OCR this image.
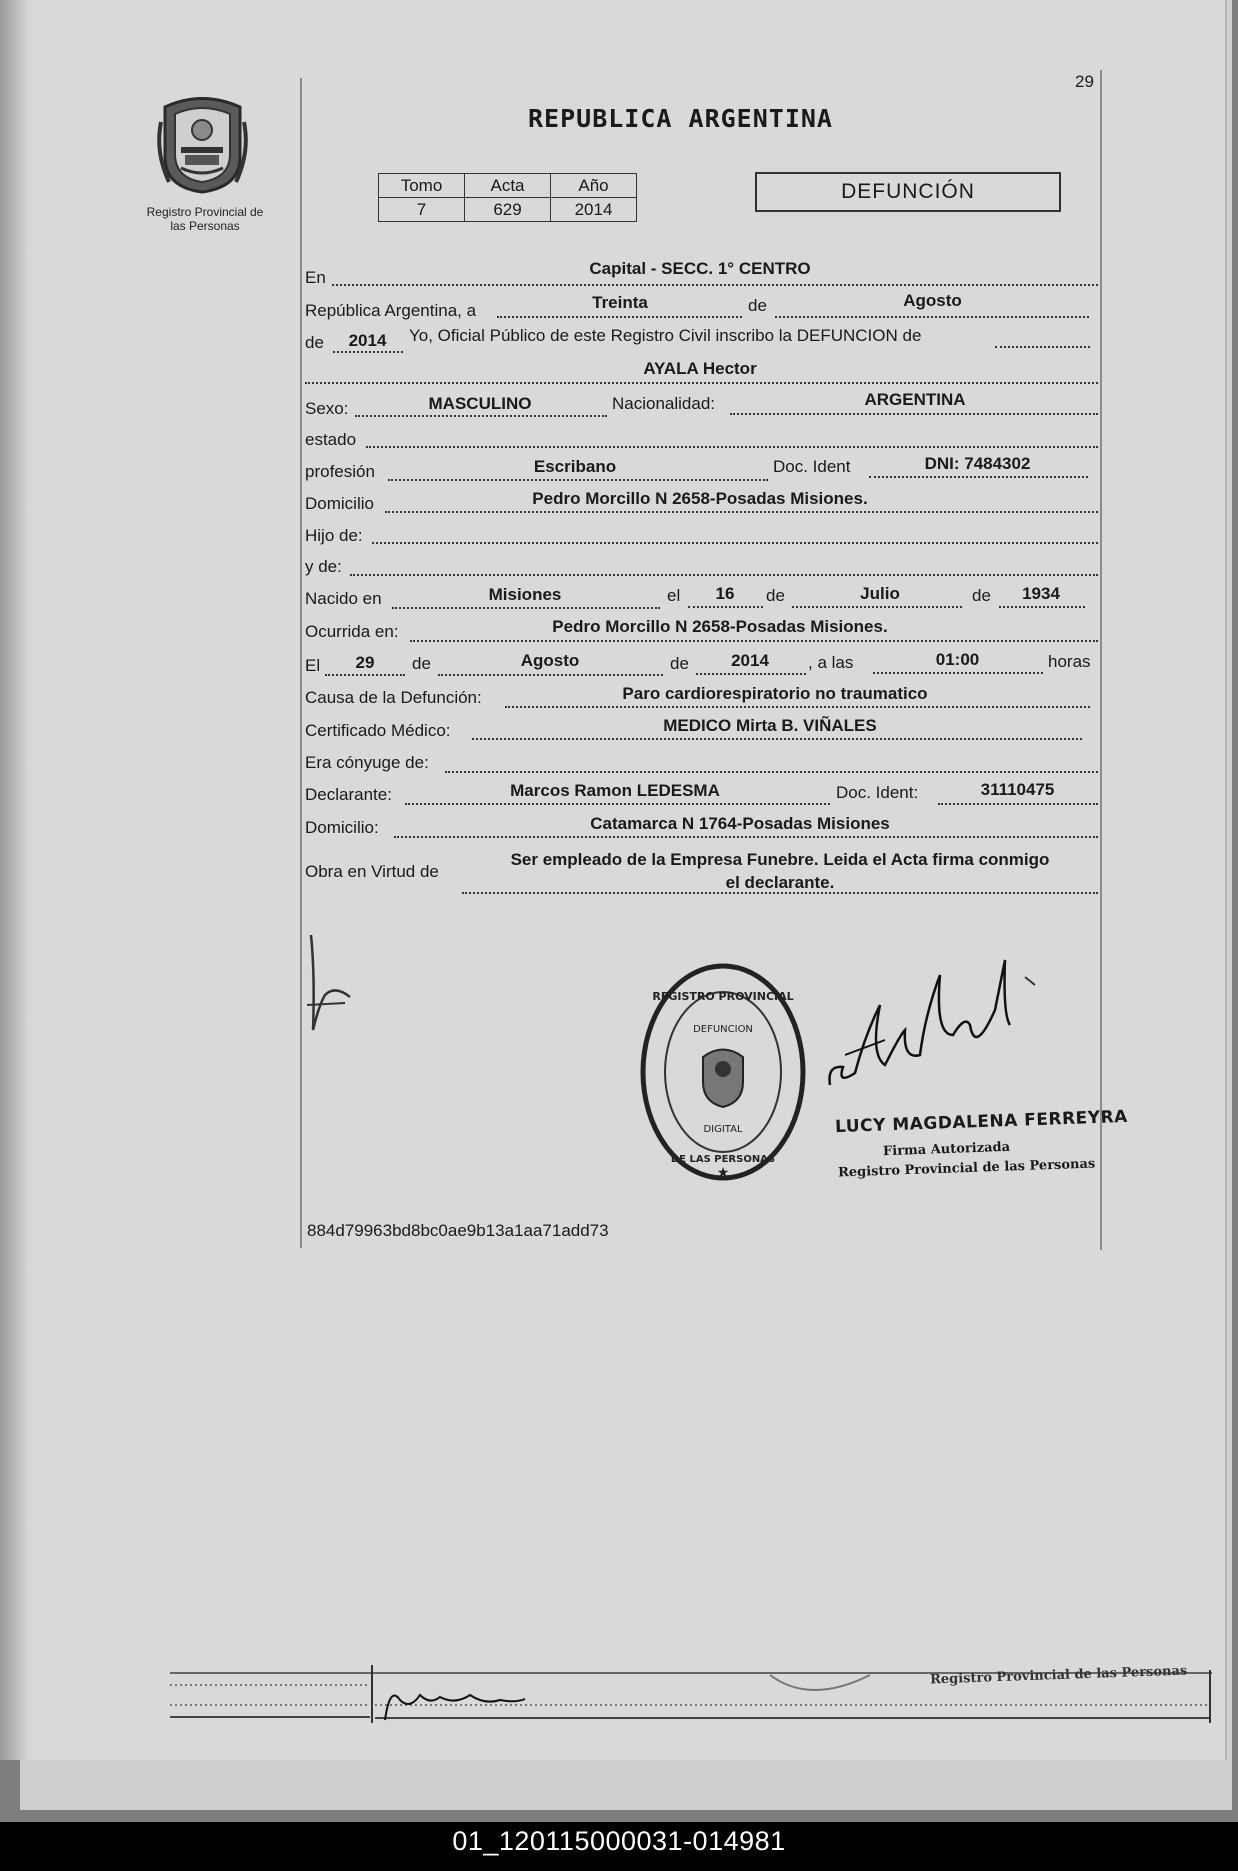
29
Registro Provincial de
las Personas
REPUBLICA ARGENTINA
Tomo	Acta	Año
7	629	2014
DEFUNCIÓN
En	Capital - SECC. 1° CENTRO
República Argentina, a	Treinta	de	Agosto
de	2014	Yo, Oficial Público de este Registro Civil inscribo la DEFUNCION de
AYALA Hector
Sexo:	MASCULINO	Nacionalidad:	ARGENTINA
estado
profesión	Escribano	Doc. Ident	DNI: 7484302
Domicilio	Pedro Morcillo N 2658-Posadas Misiones.
Hijo de:
y de:
Nacido en	Misiones	el	16	de	Julio	de	1934
Ocurrida en:	Pedro Morcillo N 2658-Posadas Misiones.
El	29	de	Agosto	de	2014	, a las	01:00	horas
Causa de la Defunción:	Paro cardiorespiratorio no traumatico
Certificado Médico:	MEDICO Mirta B. VIÑALES
Era cónyuge de:
Declarante:	Marcos Ramon LEDESMA	Doc. Ident:	31110475
Domicilio:	Catamarca N 1764-Posadas Misiones
Obra en Virtud de
Ser empleado de la Empresa Funebre. Leida el Acta firma conmigo
el declarante.
REGISTRO PROVINCIAL
DE LAS PERSONAS
DEFUNCION
DIGITAL
★
LUCY MAGDALENA FERREYRA
Firma Autorizada
Registro Provincial de las Personas
884d79963bd8bc0ae9b13a1aa71add73
Registro Provincial de las Personas
01_120115000031-014981
